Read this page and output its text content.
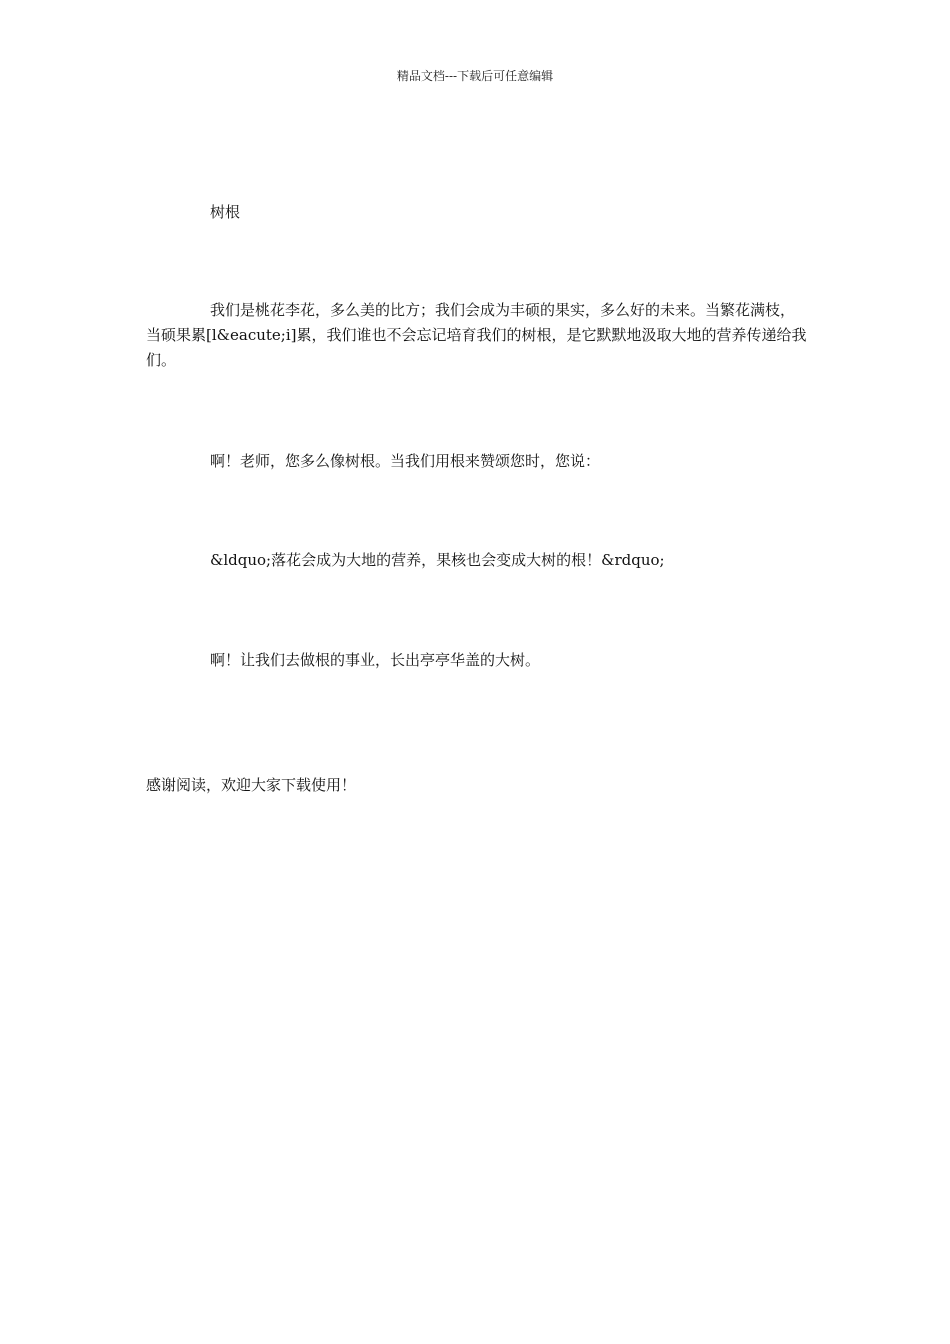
精品文档---下载后可任意编辑

树根

我们是桃花李花，多么美的比方；我们会成为丰硕的果实，多么好的未来。当繁花满枝，当硕果累[l&eacute;i]累，我们谁也不会忘记培育我们的树根，是它默默地汲取大地的营养传递给我们。

啊！老师，您多么像树根。当我们用根来赞颂您时，您说：

&ldquo;落花会成为大地的营养，果核也会变成大树的根！&rdquo;

啊！让我们去做根的事业，长出亭亭华盖的大树。

感谢阅读，欢迎大家下载使用！
